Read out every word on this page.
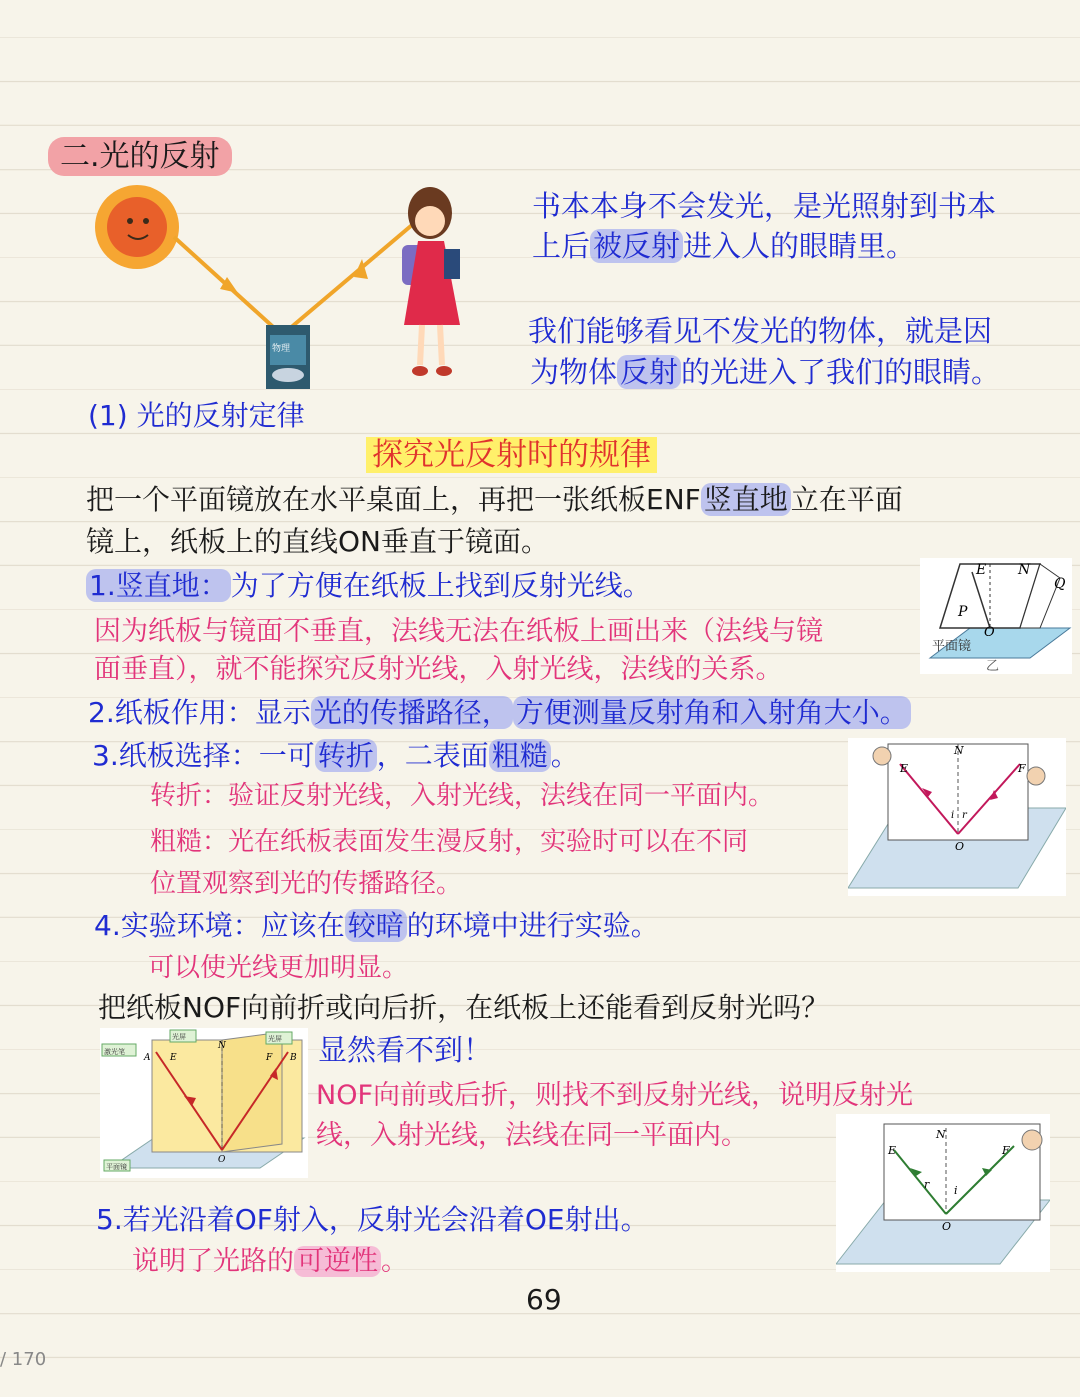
二.光的反射
物理
书本本身不会发光，是光照射到书本
上后 被反射 进入人的眼睛里。
我们能够看见不发光的物体，就是因
为物体 反射 的光进入了我们的眼睛。
(1) 光的反射定律
探究光反射时的规律
把一个平面镜放在水平桌面上，再把一张纸板ENF 竖直地 立在平面
镜上，纸板上的直线ON垂直于镜面。
E N
Q
P
O
平面镜
乙
1.竖直地： 为了方便在纸板上找到反射光线。
因为纸板与镜面不垂直，法线无法在纸板上画出来（法线与镜
面垂直），就不能探究反射光线，入射光线，法线的关系。
2.纸板作用：显示 光的传播路径， 方便测量反射角和入射角大小。
N
E	F
O
i r
3.纸板选择：一可 转折 ，二表面 粗糙 。
转折：验证反射光线，入射光线，法线在同一平面内。
粗糙：光在纸板表面发生漫反射，实验时可以在不同
位置观察到光的传播路径。
4.实验环境：应该在 较暗 的环境中进行实验。
可以使光线更加明显。
把纸板NOF向前折或向后折，在纸板上还能看到反射光吗？
激光笔
光屏	光屏
A E
N
F B
O
平面镜
显然看不到！
NOF向前或后折，则找不到反射光线，说明反射光
线，入射光线，法线在同一平面内。	E
N
F
r i
O
5.若光沿着OF射入，反射光会沿着OE射出。
说明了光路的 可逆性 。
69
/ 170
